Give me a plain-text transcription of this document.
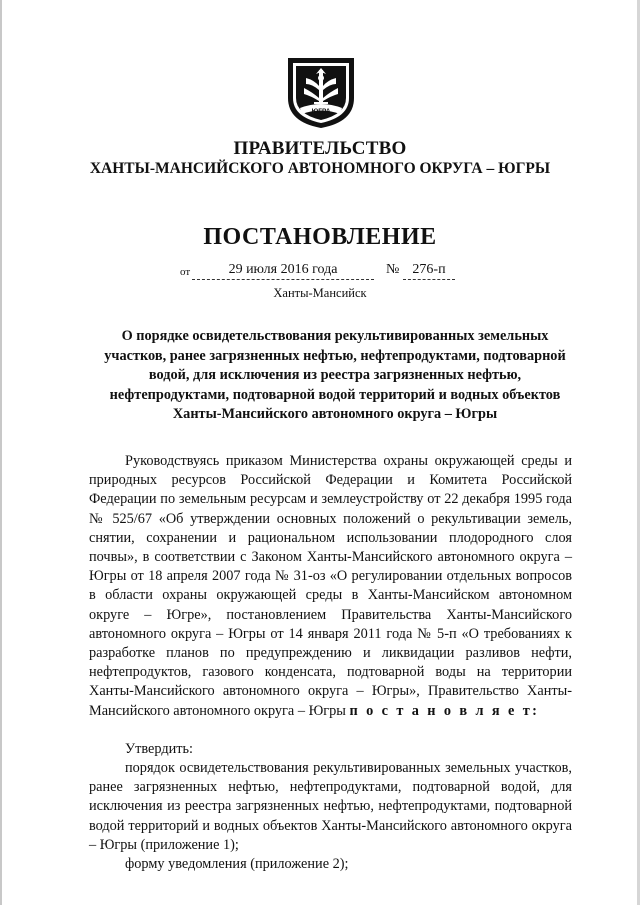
ЮГРА
ПРАВИТЕЛЬСТВО
ХАНТЫ-МАНСИЙСКОГО АВТОНОМНОГО ОКРУГА – ЮГРЫ
ПОСТАНОВЛЕНИЕ
от	29 июля 2016 года	№ 276-п
Ханты-Мансийск
О порядке освидетельствования рекультивированных земельных
участков, ранее загрязненных нефтью, нефтепродуктами, подтоварной
водой, для исключения из реестра загрязненных нефтью,
нефтепродуктами, подтоварной водой территорий и водных объектов
Ханты-Мансийского автономного округа – Югры

Руководствуясь приказом Министерства охраны окружающей среды и природных ресурсов Российской Федерации и Комитета Российской Федерации по земельным ресурсам и землеустройству от 22 декабря 1995 года № 525/67 «Об утверждении основных положений о рекультивации земель, снятии, сохранении и рациональном использовании плодородного слоя почвы», в соответствии с Законом Ханты-Мансийского автономного округа – Югры от 18 апреля 2007 года № 31-оз «О регулировании отдельных вопросов в области охраны окружающей среды в Ханты-Мансийском автономном округе – Югре», постановлением Правительства Ханты-Мансийского автономного округа – Югры от 14 января 2011 года № 5-п «О требованиях к разработке планов по предупреждению и ликвидации разливов нефти, нефтепродуктов, газового конденсата, подтоварной воды на территории Ханты-Мансийского автономного округа – Югры», Правительство Ханты-Мансийского автономного округа – Югры п о с т а н о в л я е т:

Утвердить:

порядок освидетельствования рекультивированных земельных участков, ранее загрязненных нефтью, нефтепродуктами, подтоварной водой, для исключения из реестра загрязненных нефтью, нефтепродуктами, подтоварной водой территорий и водных объектов Ханты-Мансийского автономного округа – Югры (приложение 1);

форму уведомления (приложение 2);
